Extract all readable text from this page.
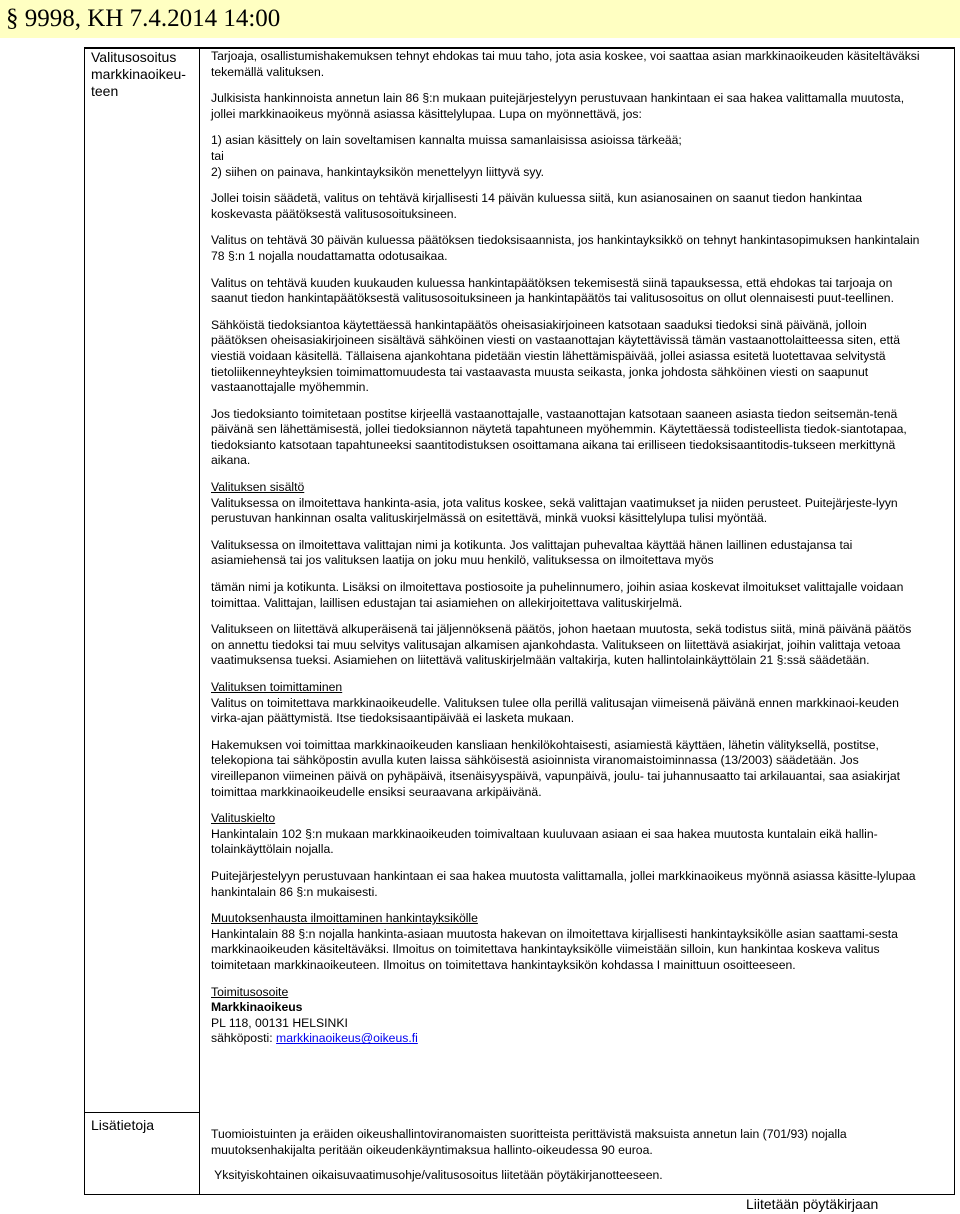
§ 9998, KH 7.4.2014 14:00
Valitusosoitus
markkinaoikeu-
teen
Lisätietoja

Tarjoaja, osallistumishakemuksen tehnyt ehdokas tai muu taho, jota asia koskee, voi saattaa asian markkinaoikeuden käsiteltäväksi tekemällä valituksen.

Julkisista hankinnoista annetun lain 86 §:n mukaan puitejärjestelyyn perustuvaan hankintaan ei saa hakea valittamalla muutosta, jollei markkinaoikeus myönnä asiassa käsittelylupaa. Lupa on myönnettävä, jos:

1) asian käsittely on lain soveltamisen kannalta muissa samanlaisissa asioissa tärkeää;
tai
2) siihen on painava, hankintayksikön menettelyyn liittyvä syy.

Jollei toisin säädetä, valitus on tehtävä kirjallisesti 14 päivän kuluessa siitä, kun asianosainen on saanut tiedon hankintaa koskevasta päätöksestä valitusosoituksineen.

Valitus on tehtävä 30 päivän kuluessa päätöksen tiedoksisaannista, jos hankintayksikkö on tehnyt hankintasopimuksen hankintalain 78 §:n 1 nojalla noudattamatta odotusaikaa.

Valitus on tehtävä kuuden kuukauden kuluessa hankintapäätöksen tekemisestä siinä tapauksessa, että ehdokas tai tarjoaja on saanut tiedon hankintapäätöksestä valitusosoituksineen ja hankintapäätös tai valitusosoitus on ollut olennaisesti puut-teellinen.

Sähköistä tiedoksiantoa käytettäessä hankintapäätös oheisasiakirjoineen katsotaan saaduksi tiedoksi sinä päivänä, jolloin päätöksen oheisasiakirjoineen sisältävä sähköinen viesti on vastaanottajan käytettävissä tämän vastaanottolaitteessa siten, että viestiä voidaan käsitellä. Tällaisena ajankohtana pidetään viestin lähettämispäivää, jollei asiassa esitetä luotettavaa selvitystä tietoliikenneyhteyksien toimimattomuudesta tai vastaavasta muusta seikasta, jonka johdosta sähköinen viesti on saapunut vastaanottajalle myöhemmin.

Jos tiedoksianto toimitetaan postitse kirjeellä vastaanottajalle, vastaanottajan katsotaan saaneen asiasta tiedon seitsemän-tenä päivänä sen lähettämisestä, jollei tiedoksiannon näytetä tapahtuneen myöhemmin. Käytettäessä todisteellista tiedok-siantotapaa, tiedoksianto katsotaan tapahtuneeksi saantitodistuksen osoittamana aikana tai erilliseen tiedoksisaantitodis-tukseen merkittynä aikana.

Valituksen sisältö

Valituksessa on ilmoitettava hankinta-asia, jota valitus koskee, sekä valittajan vaatimukset ja niiden perusteet. Puitejärjeste-lyyn perustuvan hankinnan osalta valituskirjelmässä on esitettävä, minkä vuoksi käsittelylupa tulisi myöntää.

Valituksessa on ilmoitettava valittajan nimi ja kotikunta. Jos valittajan puhevaltaa käyttää hänen laillinen edustajansa tai asiamiehensä tai jos valituksen laatija on joku muu henkilö, valituksessa on ilmoitettava myös

tämän nimi ja kotikunta. Lisäksi on ilmoitettava postiosoite ja puhelinnumero, joihin asiaa koskevat ilmoitukset valittajalle voidaan toimittaa. Valittajan, laillisen edustajan tai asiamiehen on allekirjoitettava valituskirjelmä.

Valitukseen on liitettävä alkuperäisenä tai jäljennöksenä päätös, johon haetaan muutosta, sekä todistus siitä, minä päivänä päätös on annettu tiedoksi tai muu selvitys valitusajan alkamisen ajankohdasta. Valitukseen on liitettävä asiakirjat, joihin valittaja vetoaa vaatimuksensa tueksi. Asiamiehen on liitettävä valituskirjelmään valtakirja, kuten hallintolainkäyttölain 21 §:ssä säädetään.

Valituksen toimittaminen

Valitus on toimitettava markkinaoikeudelle. Valituksen tulee olla perillä valitusajan viimeisenä päivänä ennen markkinaoi-keuden virka-ajan päättymistä. Itse tiedoksisaantipäivää ei lasketa mukaan.

Hakemuksen voi toimittaa markkinaoikeuden kansliaan henkilökohtaisesti, asiamiestä käyttäen, lähetin välityksellä, postitse, telekopiona tai sähköpostin avulla kuten laissa sähköisestä asioinnista viranomaistoiminnassa (13/2003) säädetään. Jos vireillepanon viimeinen päivä on pyhäpäivä, itsenäisyyspäivä, vapunpäivä, joulu- tai juhannusaatto tai arkilauantai, saa asiakirjat toimittaa markkinaoikeudelle ensiksi seuraavana arkipäivänä.

Valituskielto

Hankintalain 102 §:n mukaan markkinaoikeuden toimivaltaan kuuluvaan asiaan ei saa hakea muutosta kuntalain eikä hallin-tolainkäyttölain nojalla.

Puitejärjestelyyn perustuvaan hankintaan ei saa hakea muutosta valittamalla, jollei markkinaoikeus myönnä asiassa käsitte-lylupaa hankintalain 86 §:n mukaisesti.

Muutoksenhausta ilmoittaminen hankintayksikölle

Hankintalain 88 §:n nojalla hankinta-asiaan muutosta hakevan on ilmoitettava kirjallisesti hankintayksikölle asian saattami-sesta markkinaoikeuden käsiteltäväksi. Ilmoitus on toimitettava hankintayksikölle viimeistään silloin, kun hankintaa koskeva valitus toimitetaan markkinaoikeuteen. Ilmoitus on toimitettava hankintayksikön kohdassa I mainittuun osoitteeseen.

Toimitusosoite

Markkinaoikeus

PL 118, 00131 HELSINKI

sähköposti: markkinaoikeus@oikeus.fi

Tuomioistuinten ja eräiden oikeushallintoviranomaisten suoritteista perittävistä maksuista annetun lain (701/93) nojalla muutoksenhakijalta peritään oikeudenkäyntimaksua hallinto-oikeudessa 90 euroa.

Yksityiskohtainen oikaisuvaatimusohje/valitusosoitus liitetään pöytäkirjanotteeseen.

Liitetään pöytäkirjaan
